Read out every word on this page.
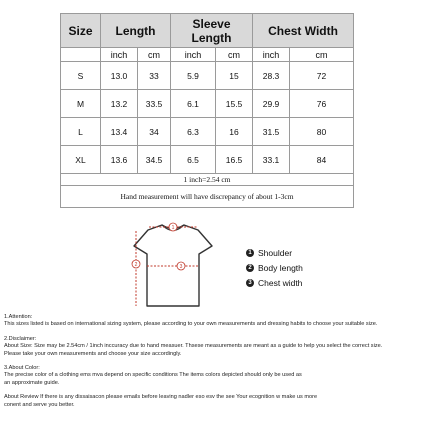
Size	Length		Sleeve Length		Chest Width	
	inch	cm	inch	cm	inch	cm
S	13.0	33	5.9	15	28.3	72
M	13.2	33.5	6.1	15.5	29.9	76
L	13.4	34	6.3	16	31.5	80
XL	13.6	34.5	6.5	16.5	33.1	84
1 inch=2.54 cm						
Hand measurement will have discrepancy of about 1-3cm						
1
2	3
1 Shoulder
2 Body length
3 Chest width

1.Attention:

This sizes listed is based on international sizing system, please according to your own measurements and dressing habits to choose your suitable size.

2.Disclaimer:

About Size: Size may be 2.54cm / 1inch inccuracy due to hand measuer. Thsese measurements are meant as a guide to help you select the correct size.

Please take your own measurements and choose your size accordingly.

3.About Color:

The precise color of a clothing ems mva depend on specific conditions The items colors depicted should only be used as

an approximate guide.

About Review If there is any dissaisacon please emails before leaving nadler eso esv the see Your ecognition w make us more

conent and serve you better.
